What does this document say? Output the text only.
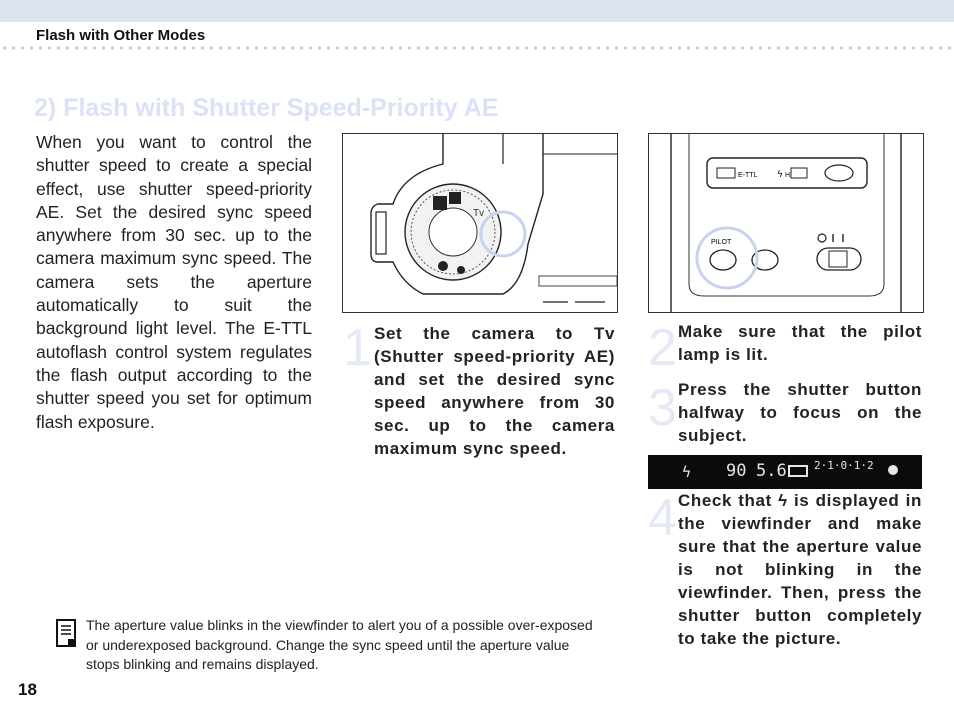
Flash with Other Modes
2) Flash with Shutter Speed-Priority AE
When you want to control the shutter speed to create a special effect, use shutter speed-priority AE. Set the desired sync speed anywhere from 30 sec. up to the camera maximum sync speed. The camera sets the aperture automatically to suit the background light level. The E-TTL autoflash control system regulates the flash output according to the shutter speed you set for optimum flash exposure.
Tv
E-TTL ϟ H
PILOT
1 Set the camera to Tv (Shutter speed-priority AE) and set the desired sync speed anywhere from 30 sec. up to the camera maximum sync speed.
2 Make sure that the pilot lamp is lit.
3 Press the shutter button halfway to focus on the subject.
ϟ 90 5.6 2·1·0·1·2
4 Check that ϟ is displayed in the viewfinder and make sure that the aperture value is not blinking in the viewfinder. Then, press the shutter button completely to take the picture.
The aperture value blinks in the viewfinder to alert you of a possible over-exposed or underexposed background. Change the sync speed until the aperture value stops blinking and remains displayed.
18
